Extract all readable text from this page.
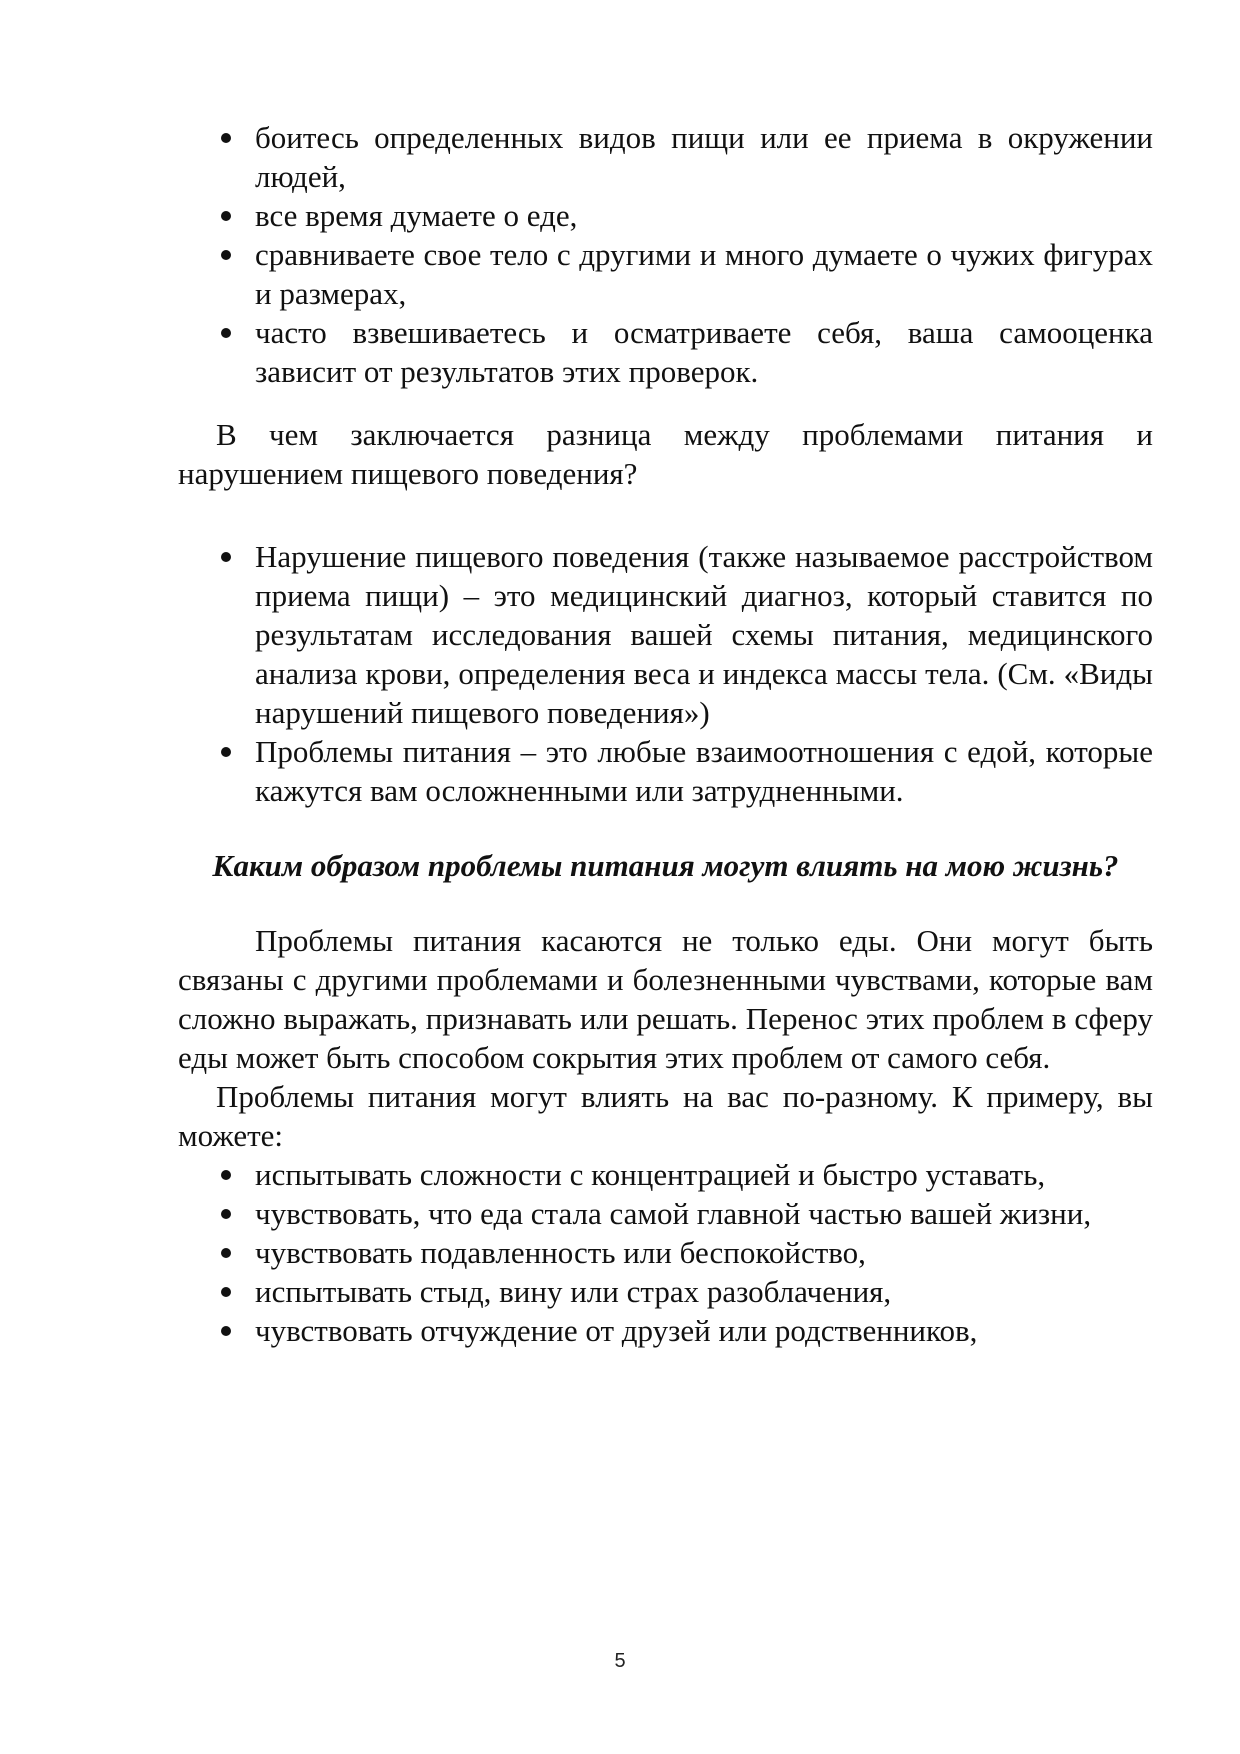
боитесь определенных видов пищи или ее приема в окружении людей,
все время думаете о еде,
сравниваете свое тело с другими и много думаете о чужих фигурах и размерах,
часто взвешиваетесь и осматриваете себя, ваша самооценка зависит от результатов этих проверок.

В чем заключается разница между проблемами питания и нарушением пищевого поведения?

Нарушение пищевого поведения (также называемое расстройством приема пищи) – это медицинский диагноз, который ставится по результатам исследования вашей схемы питания, медицинского анализа крови, определения веса и индекса массы тела. (См. «Виды нарушений пищевого поведения»)
Проблемы питания – это любые взаимоотношения с едой, которые кажутся вам осложненными или затрудненными.
Каким образом проблемы питания могут влиять на мою жизнь?

Проблемы питания касаются не только еды. Они могут быть связаны с другими проблемами и болезненными чувствами, которые вам сложно выражать, признавать или решать. Перенос этих проблем в сферу еды может быть способом сокрытия этих проблем от самого себя.

Проблемы питания могут влиять на вас по-разному. К примеру, вы можете:

испытывать сложности с концентрацией и быстро уставать,
чувствовать, что еда стала самой главной частью вашей жизни,
чувствовать подавленность или беспокойство,
испытывать стыд, вину или страх разоблачения,
чувствовать отчуждение от друзей или родственников,
5
